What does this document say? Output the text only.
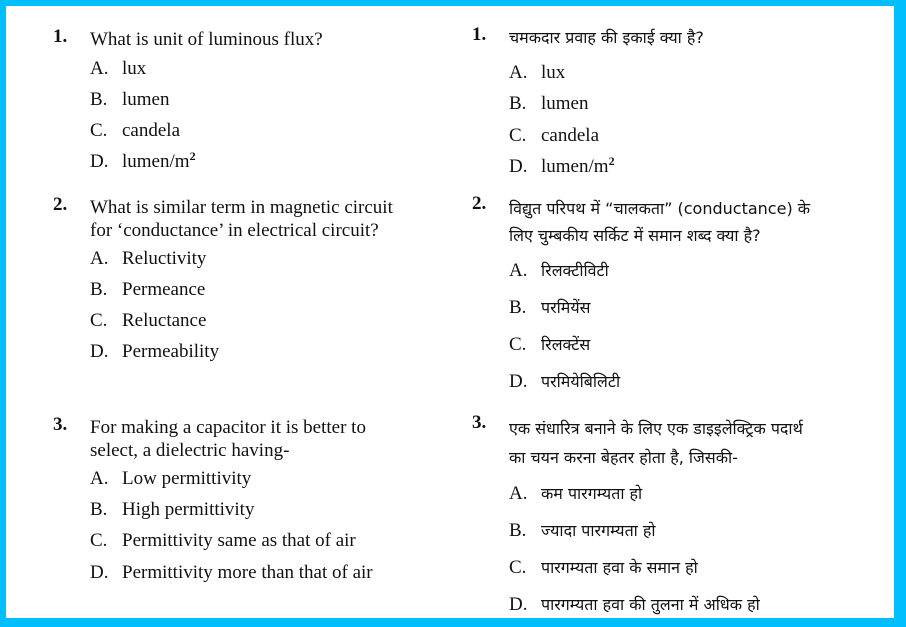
1. What is unit of luminous flux?
A. lux
B. lumen
C. candela
D. lumen/$m^2$
2. What is similar term in magnetic circuit
for ‘conductance’ in electrical circuit?
A. Reluctivity
B. Permeance
C. Reluctance
D. Permeability
3. For making a capacitor it is better to
select, a dielectric having-
A. Low permittivity
B. High permittivity
C. Permittivity same as that of air
D. Permittivity more than that of air
1. चमकदार प्रवाह की इकाई क्या है?
A. lux
B. lumen
C. candela
D. lumen/$m^2$
2. विद्युत परिपथ में “चालकता” (conductance) के
लिए चुम्बकीय सर्किट में समान शब्द क्या है?
A. रिलक्टीविटी
B. परमियेंस
C. रिलक्टेंस
D. परमियेबिलिटी
3. एक संधारित्र बनाने के लिए एक डाइइलेक्ट्रिक पदार्थ
का चयन करना बेहतर होता है, जिसकी-
A. कम पारगम्यता हो
B. ज्यादा पारगम्यता हो
C. पारगम्यता हवा के समान हो
D. पारगम्यता हवा की तुलना में अधिक हो
